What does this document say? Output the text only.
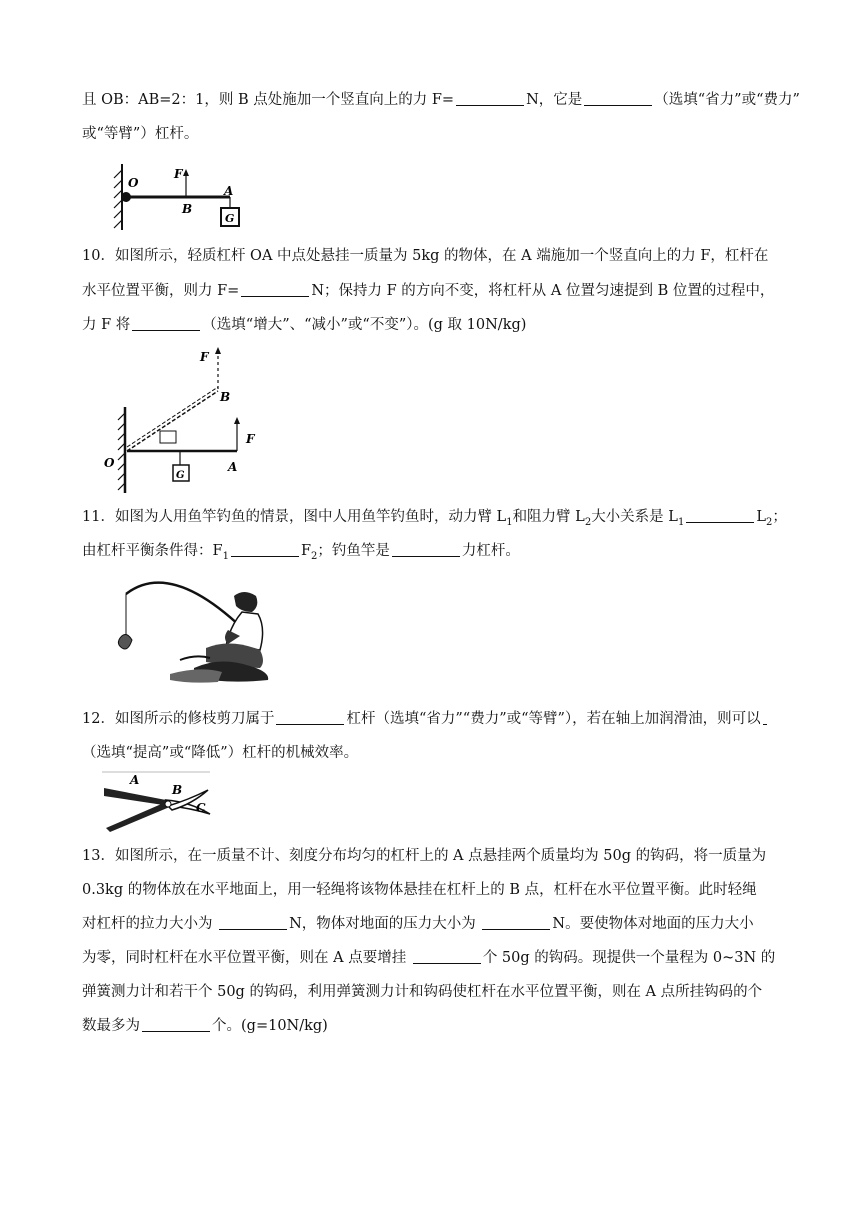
且 OB：AB=2：1，则 B 点处施加一个竖直向上的力 F=	N，它是	（选填“省力”或“费力”
或“等臂”）杠杆。
O
F
B
A
G
10．如图所示，轻质杠杆 OA 中点处悬挂一质量为 5kg 的物体，在 A 端施加一个竖直向上的力 F，杠杆在
水平位置平衡，则力 F=	N；保持力 F 的方向不变，将杠杆从 A 位置匀速提到 B 位置的过程中，
力 F 将	（选填“增大”、“减小”或“不变”）。(g 取 10N/kg)
F
B
F
O	A
G
11．如图为人用鱼竿钓鱼的情景，图中人用鱼竿钓鱼时，动力臂 $L_1$和阻力臂 $L_2$大小关系是 $L_1$	$L_2$；
由杠杆平衡条件得：$F_1$	$F_2$；钓鱼竿是	力杠杆。
12．如图所示的修枝剪刀属于	杠杆（选填“省力”“费力”或“等臂”），若在轴上加润滑油，则可以
（选填“提高”或“降低”）杠杆的机械效率。
A
B
C
13．如图所示，在一质量不计、刻度分布均匀的杠杆上的 A 点悬挂两个质量均为 50g 的钩码，将一质量为
0.3kg 的物体放在水平地面上，用一轻绳将该物体悬挂在杠杆上的 B 点，杠杆在水平位置平衡。此时轻绳
对杠杆的拉力大小为	N，物体对地面的压力大小为	N。要使物体对地面的压力大小
为零，同时杠杆在水平位置平衡，则在 A 点要增挂	个 50g 的钩码。现提供一个量程为 0~3N 的
弹簧测力计和若干个 50g 的钩码，利用弹簧测力计和钩码使杠杆在水平位置平衡，则在 A 点所挂钩码的个
数最多为	个。(g=10N/kg)
